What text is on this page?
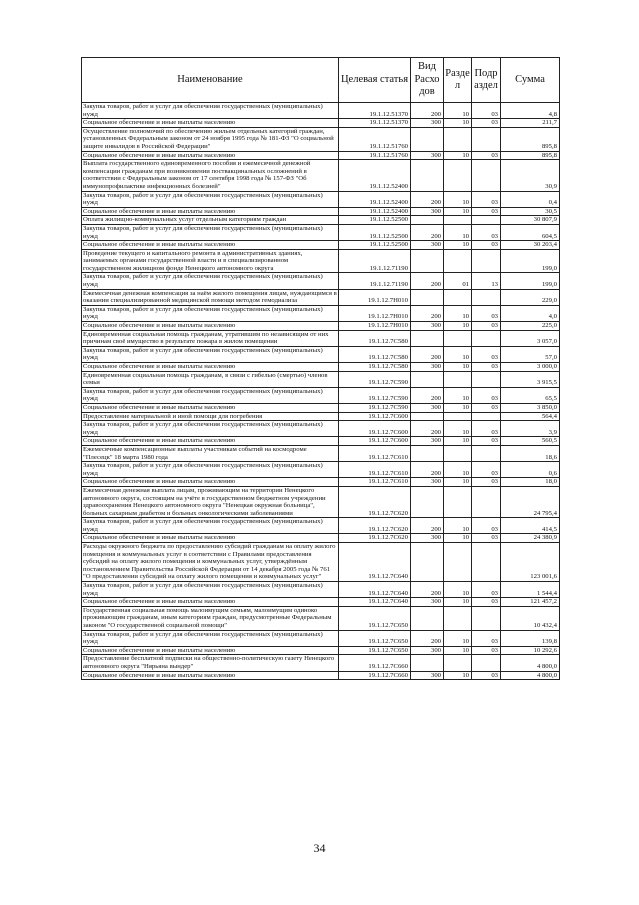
Наименование	Целевая статья	Вид Расхо дов	Разде л	Подр аздел	Сумма
Закупка товаров, работ и услуг для обеспечения государственных (муниципальных) нужд	19.1.12.51370	200	10	03	4,8
Социальное обеспечение и иные выплаты населению	19.1.12.51370	300	10	03	211,7
Осуществление полномочий по обеспечению жильем отдельных категорий граждан, установленных Федеральным законом от 24 ноября 1995 года № 181-ФЗ "О социальной защите инвалидов в Российской Федерации"	19.1.12.51760				895,8
Социальное обеспечение и иные выплаты населению	19.1.12.51760	300	10	03	895,8
Выплата государственного единовременного пособия и ежемесячной денежной компенсации гражданам при возникновении поствакцинальных осложнений в соответствии с Федеральным законом от 17 сентября 1998 года № 157-ФЗ "Об иммунопрофилактике инфекционных болезней"	19.1.12.52400				30,9
Закупка товаров, работ и услуг для обеспечения государственных (муниципальных) нужд	19.1.12.52400	200	10	03	0,4
Социальное обеспечение и иные выплаты населению	19.1.12.52400	300	10	03	30,5
Оплата жилищно-коммунальных услуг отдельным категориям граждан	19.1.12.52500				30 807,9
Закупка товаров, работ и услуг для обеспечения государственных (муниципальных) нужд	19.1.12.52500	200	10	03	604,5
Социальное обеспечение и иные выплаты населению	19.1.12.52500	300	10	03	30 203,4
Проведение текущего и капитального ремонта в административных зданиях, занимаемых органами государственной власти и в специализированном государственном жилищном фонде Ненецкого автономного округа	19.1.12.71190				199,0
Закупка товаров, работ и услуг для обеспечения государственных (муниципальных) нужд	19.1.12.71190	200	01	13	199,0
Ежемесячная денежная компенсация за наём жилого помещения лицам, нуждающимся в оказании специализированной медицинской помощи методом гемодиализа	19.1.12.7Н010				229,0
Закупка товаров, работ и услуг для обеспечения государственных (муниципальных) нужд	19.1.12.7Н010	200	10	03	4,0
Социальное обеспечение и иные выплаты населению	19.1.12.7Н010	300	10	03	225,0
Единовременная социальная помощь гражданам, утратившим по независящим от них причинам своё имущество в результате пожара в жилом помещении	19.1.12.7С580				3 057,0
Закупка товаров, работ и услуг для обеспечения государственных (муниципальных) нужд	19.1.12.7С580	200	10	03	57,0
Социальное обеспечение и иные выплаты населению	19.1.12.7С580	300	10	03	3 000,0
Единовременная социальная помощь гражданам, в связи с гибелью (смертью) членов семьи	19.1.12.7С590				3 915,5
Закупка товаров, работ и услуг для обеспечения государственных (муниципальных) нужд	19.1.12.7С590	200	10	03	65,5
Социальное обеспечение и иные выплаты населению	19.1.12.7С590	300	10	03	3 850,0
Предоставление материальной и иной помощи для погребения	19.1.12.7С600				564,4
Закупка товаров, работ и услуг для обеспечения государственных (муниципальных) нужд	19.1.12.7С600	200	10	03	3,9
Социальное обеспечение и иные выплаты населению	19.1.12.7С600	300	10	03	560,5
Ежемесячные компенсационные выплаты участникам событий на космодроме "Плесецк" 18 марта 1980 года	19.1.12.7С610				18,6
Закупка товаров, работ и услуг для обеспечения государственных (муниципальных) нужд	19.1.12.7С610	200	10	03	0,6
Социальное обеспечение и иные выплаты населению	19.1.12.7С610	300	10	03	18,0
Ежемесячная денежная выплата лицам, проживающим на территории Ненецкого автономного округа, состоящим на учёте в государственном бюджетном учреждении здравоохранения Ненецкого автономного округа "Ненецкая окружная больница", больных сахарным диабетом и больных онкологическими заболеваниями	19.1.12.7С620				24 795,4
Закупка товаров, работ и услуг для обеспечения государственных (муниципальных) нужд	19.1.12.7С620	200	10	03	414,5
Социальное обеспечение и иные выплаты населению	19.1.12.7С620	300	10	03	24 380,9
Расходы окружного бюджета по предоставлению субсидий гражданам на оплату жилого помещения и коммунальных услуг в соответствии с Правилами предоставления субсидий на оплату жилого помещения и коммунальных услуг, утверждённым постановлением Правительства Российской Федерации от 14 декабря 2005 года № 761 "О предоставлении субсидий на оплату жилого помещения и коммунальных услуг"	19.1.12.7С640				123 001,6
Закупка товаров, работ и услуг для обеспечения государственных (муниципальных) нужд	19.1.12.7С640	200	10	03	1 544,4
Социальное обеспечение и иные выплаты населению	19.1.12.7С640	300	10	03	121 457,2
Государственная социальная помощь малоимущим семьям, малоимущим одиноко проживающим гражданам, иным категориям граждан, предусмотренные Федеральным законом "О государственной социальной помощи"	19.1.12.7С650				10 432,4
Закупка товаров, работ и услуг для обеспечения государственных (муниципальных) нужд	19.1.12.7С650	200	10	03	139,8
Социальное обеспечение и иные выплаты населению	19.1.12.7С650	300	10	03	10 292,6
Предоставление бесплатной подписки на общественно-политическую газету Ненецкого автономного округа "Нярьяна вындер"	19.1.12.7С660				4 800,0
Социальное обеспечение и иные выплаты населению	19.1.12.7С660	300	10	03	4 800,0
34
